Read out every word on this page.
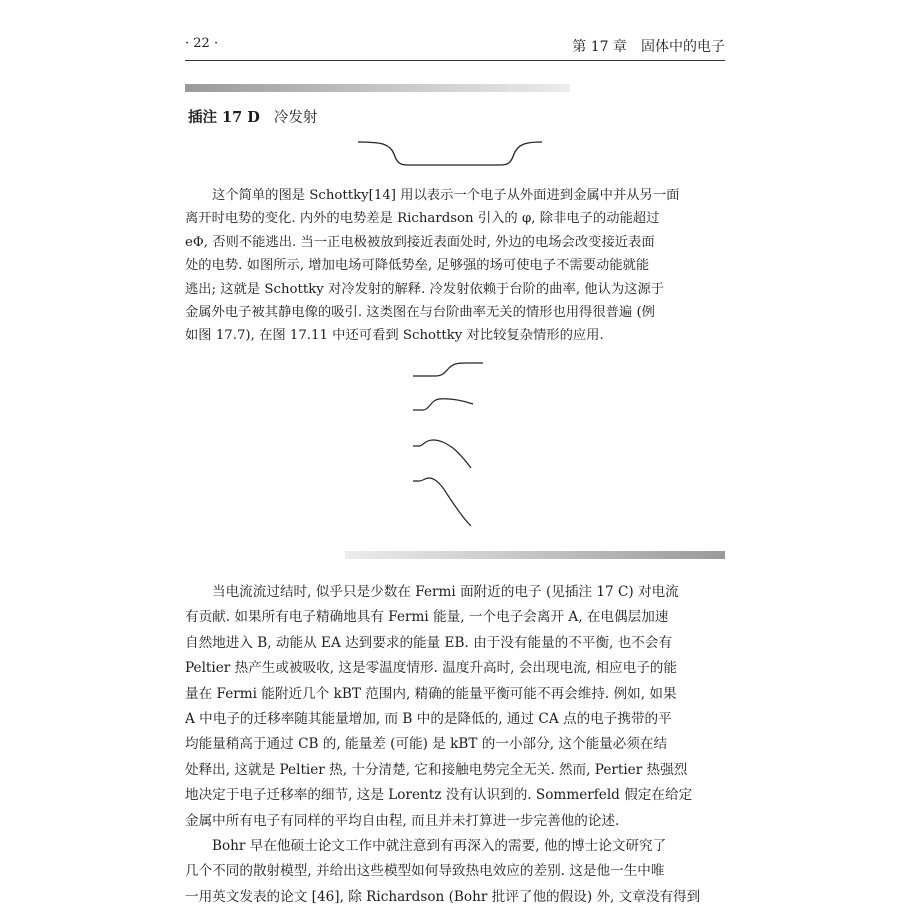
· 22 ·	第 17 章　固体中的电子
插注 17 D 冷发射

这个简单的图是 Schottky[14] 用以表示一个电子从外面进到金属中并从另一面

离开时电势的变化. 内外的电势差是 Richardson 引入的 φ, 除非电子的动能超过

eΦ, 否则不能逃出. 当一正电极被放到接近表面处时, 外边的电场会改变接近表面

处的电势. 如图所示, 增加电场可降低势垒, 足够强的场可使电子不需要动能就能

逃出; 这就是 Schottky 对冷发射的解释. 冷发射依赖于台阶的曲率, 他认为这源于

金属外电子被其静电像的吸引. 这类图在与台阶曲率无关的情形也用得很普遍 (例

如图 17.7), 在图 17.11 中还可看到 Schottky 对比较复杂情形的应用.

当电流流过结时, 似乎只是少数在 Fermi 面附近的电子 (见插注 17 C) 对电流

有贡献. 如果所有电子精确地具有 Fermi 能量, 一个电子会离开 A, 在电偶层加速

自然地进入 B, 动能从 EA 达到要求的能量 EB. 由于没有能量的不平衡, 也不会有

Peltier 热产生或被吸收, 这是零温度情形. 温度升高时, 会出现电流, 相应电子的能

量在 Fermi 能附近几个 kBT 范围内, 精确的能量平衡可能不再会维持. 例如, 如果

A 中电子的迁移率随其能量增加, 而 B 中的是降低的, 通过 CA 点的电子携带的平

均能量稍高于通过 CB 的, 能量差 (可能) 是 kBT 的一小部分, 这个能量必须在结

处释出, 这就是 Peltier 热, 十分清楚, 它和接触电势完全无关. 然而, Pertier 热强烈

地决定于电子迁移率的细节, 这是 Lorentz 没有认识到的. Sommerfeld 假定在给定

金属中所有电子有同样的平均自由程, 而且并未打算进一步完善他的论述.

Bohr 早在他硕士论文工作中就注意到有再深入的需要, 他的博士论文研究了

几个不同的散射模型, 并给出这些模型如何导致热电效应的差别. 这是他一生中唯

一用英文发表的论文 [46], 除 Richardson (Bohr 批评了他的假设) 外, 文章没有得到
